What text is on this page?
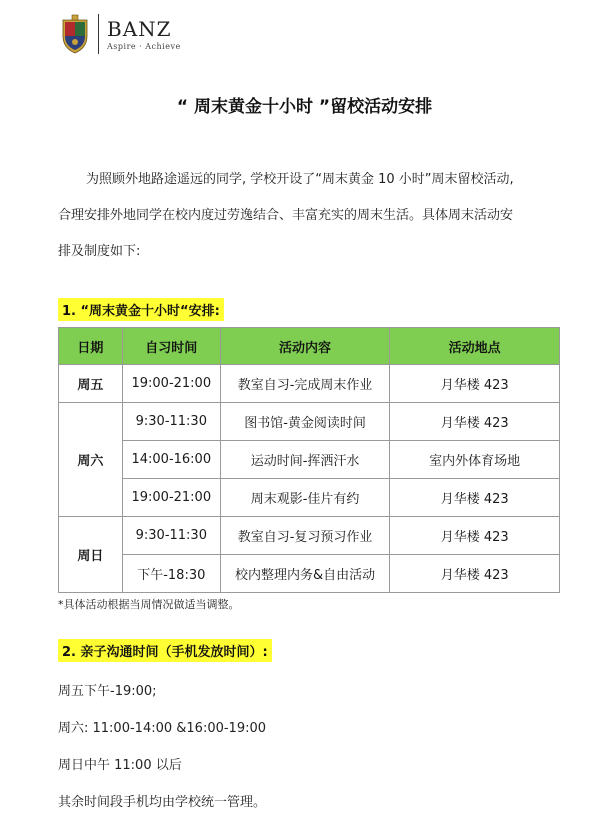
BANZ
Aspire · Achieve
“ 周末黄金十小时 ”留校活动安排
为照顾外地路途遥远的同学, 学校开设了“周末黄金 10 小时”周末留校活动,
合理安排外地同学在校内度过劳逸结合、丰富充实的周末生活。具体周末活动安
排及制度如下:
1. “周末黄金十小时“安排:
日期	自习时间	活动内容	活动地点
周五	19:00-21:00	教室自习-完成周末作业	月华楼 423
周六	9:30-11:30	图书馆-黄金阅读时间	月华楼 423
	14:00-16:00	运动时间-挥洒汗水	室内外体育场地
	19:00-21:00	周末观影-佳片有约	月华楼 423
周日	9:30-11:30	教室自习-复习预习作业	月华楼 423
	下午-18:30	校内整理内务&自由活动	月华楼 423
*具体活动根据当周情况做适当调整。
2. 亲子沟通时间（手机发放时间）:
周五下午-19:00;
周六: 11:00-14:00 &16:00-19:00
周日中午 11:00 以后
其余时间段手机均由学校统一管理。
